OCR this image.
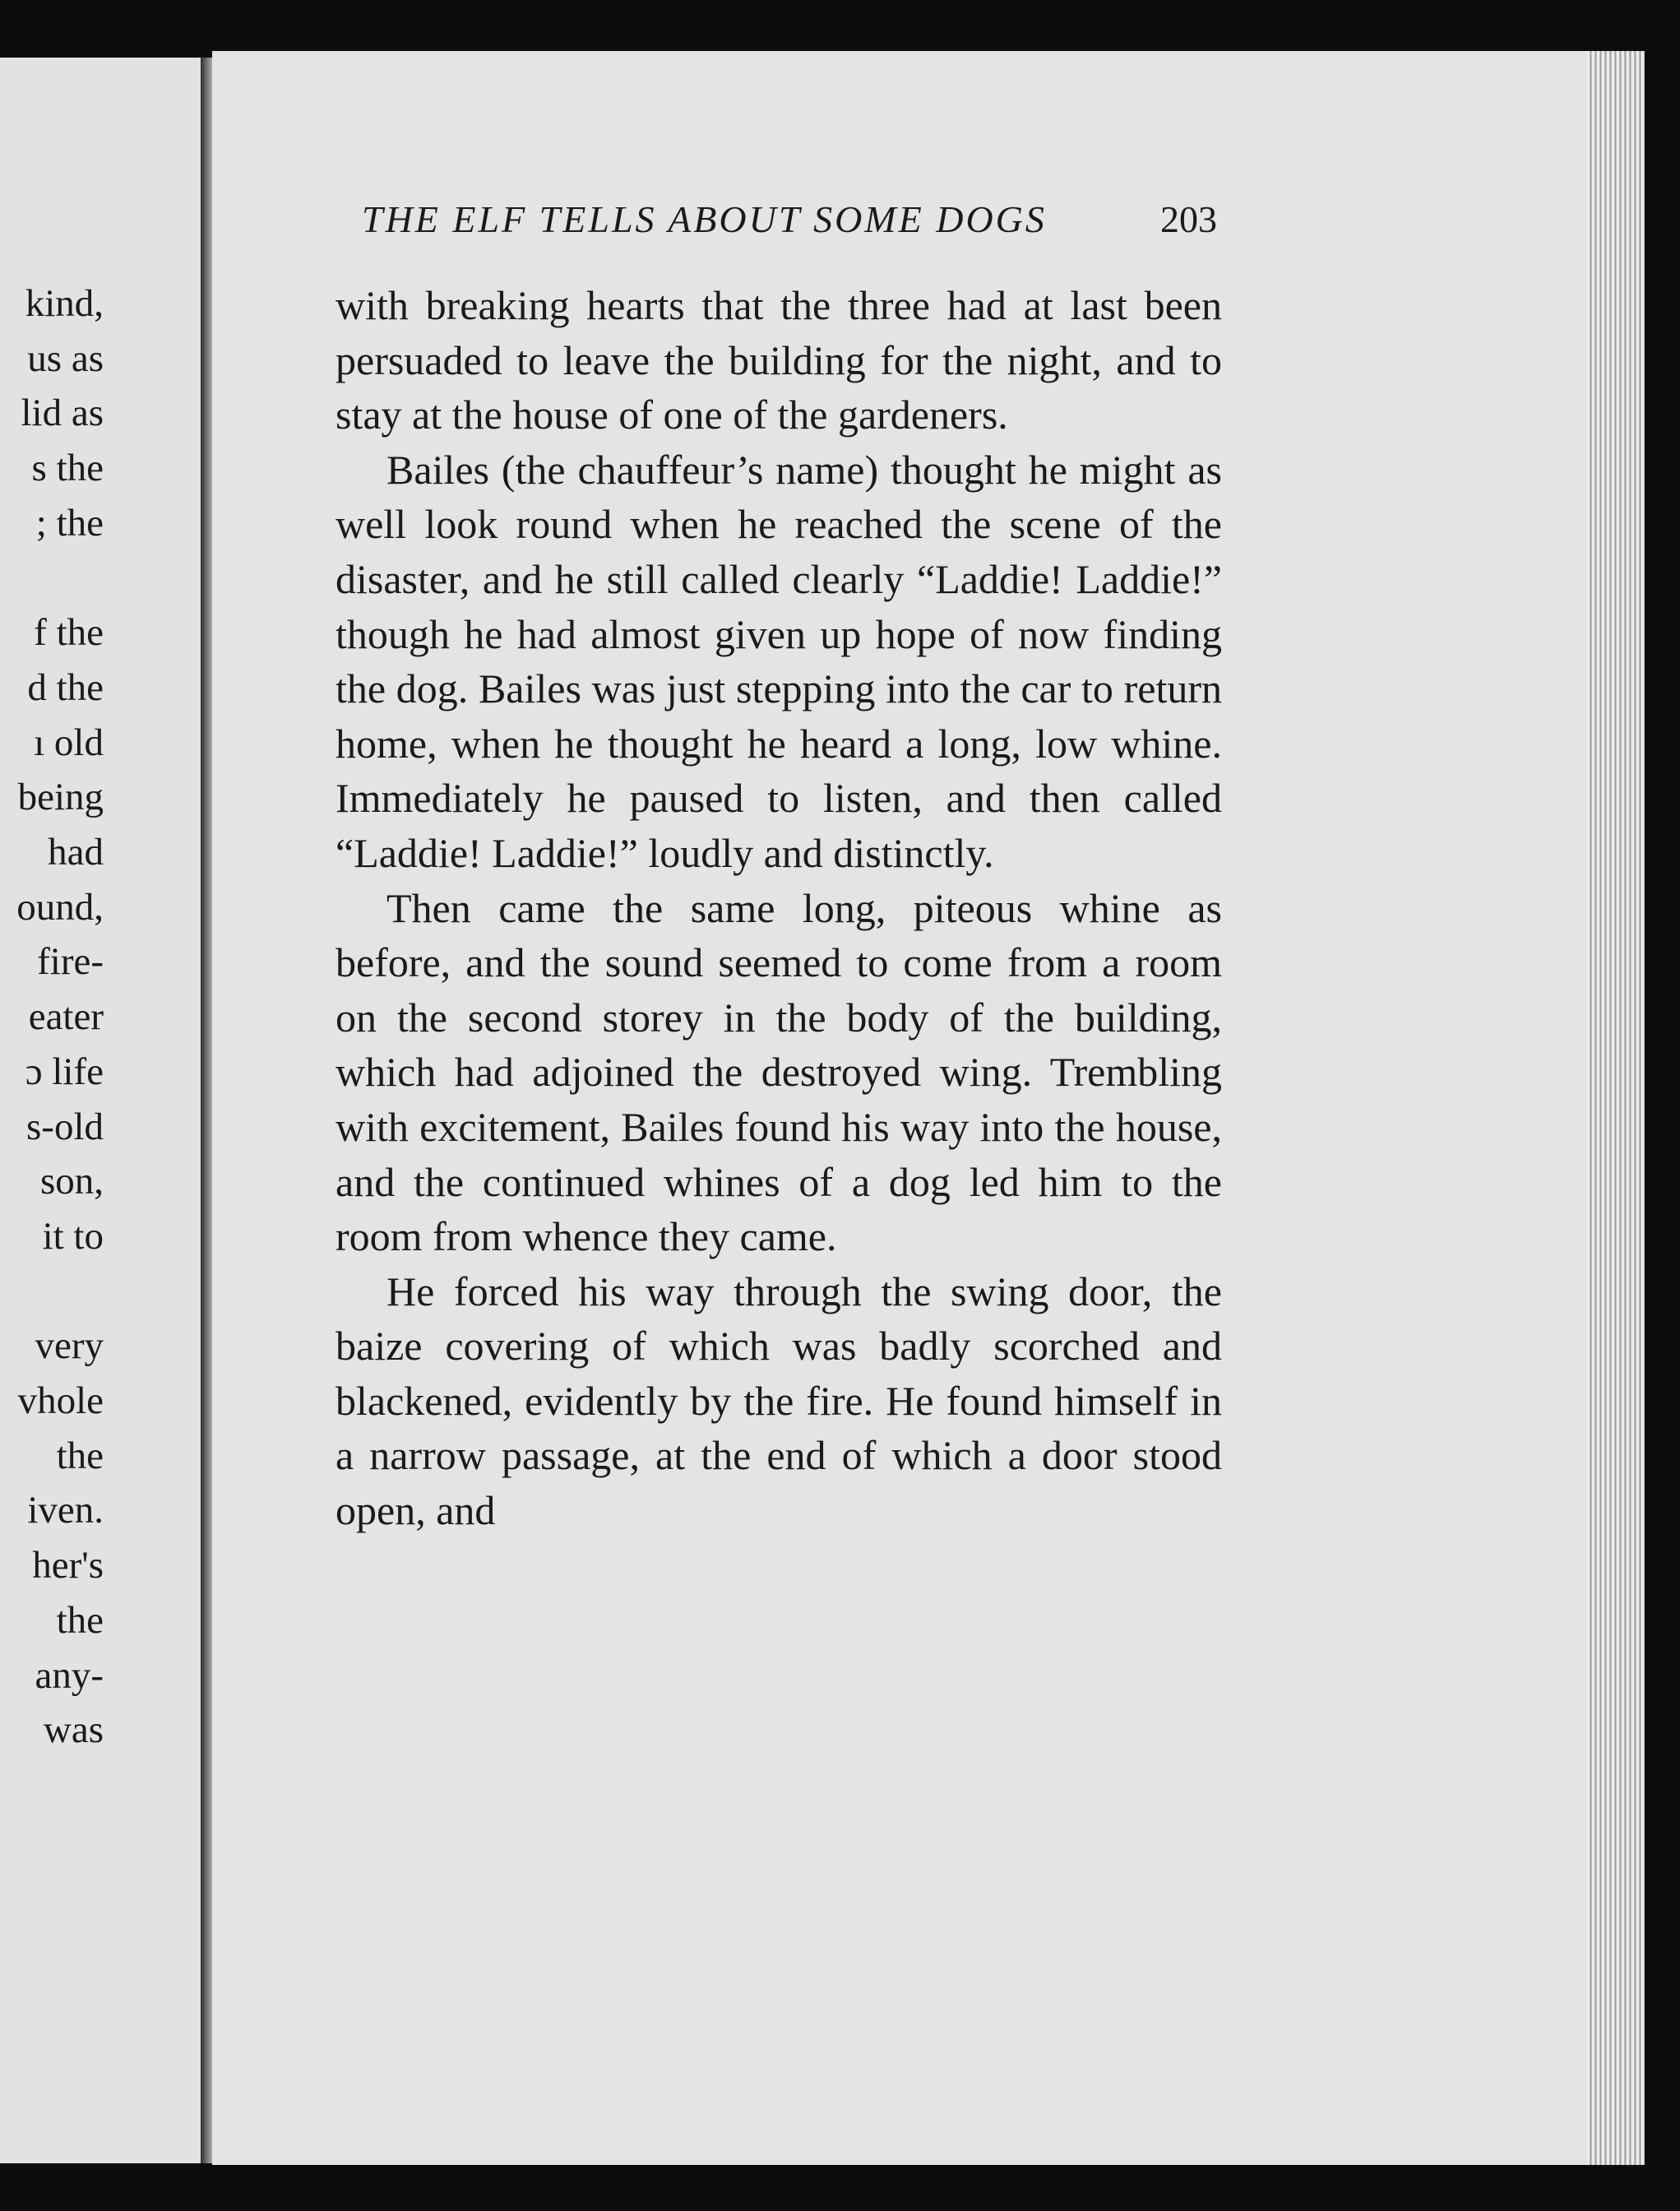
kind,
us as
lid as
s the
; the
f the
d the
ı old
being
had
ound,
fire-
eater
ɔ life
s-old
son,
it to
very
vhole
the
iven.
her's
the
any-
was
THE ELF TELLS ABOUT SOME DOGS	203

with breaking hearts that the three had at last been persuaded to leave the building for the night, and to stay at the house of one of the gardeners.

Bailes (the chauffeur’s name) thought he might as well look round when he reached the scene of the disaster, and he still called clearly “Laddie! Laddie!” though he had almost given up hope of now finding the dog. Bailes was just stepping into the car to return home, when he thought he heard a long, low whine. Immediately he paused to listen, and then called “Laddie! Laddie!” loudly and distinctly.

Then came the same long, piteous whine as before, and the sound seemed to come from a room on the second storey in the body of the building, which had adjoined the destroyed wing. Trembling with excitement, Bailes found his way into the house, and the continued whines of a dog led him to the room from whence they came.

He forced his way through the swing door, the baize covering of which was badly scorched and blackened, evidently by the fire. He found himself in a narrow passage, at the end of which a door stood open, and
